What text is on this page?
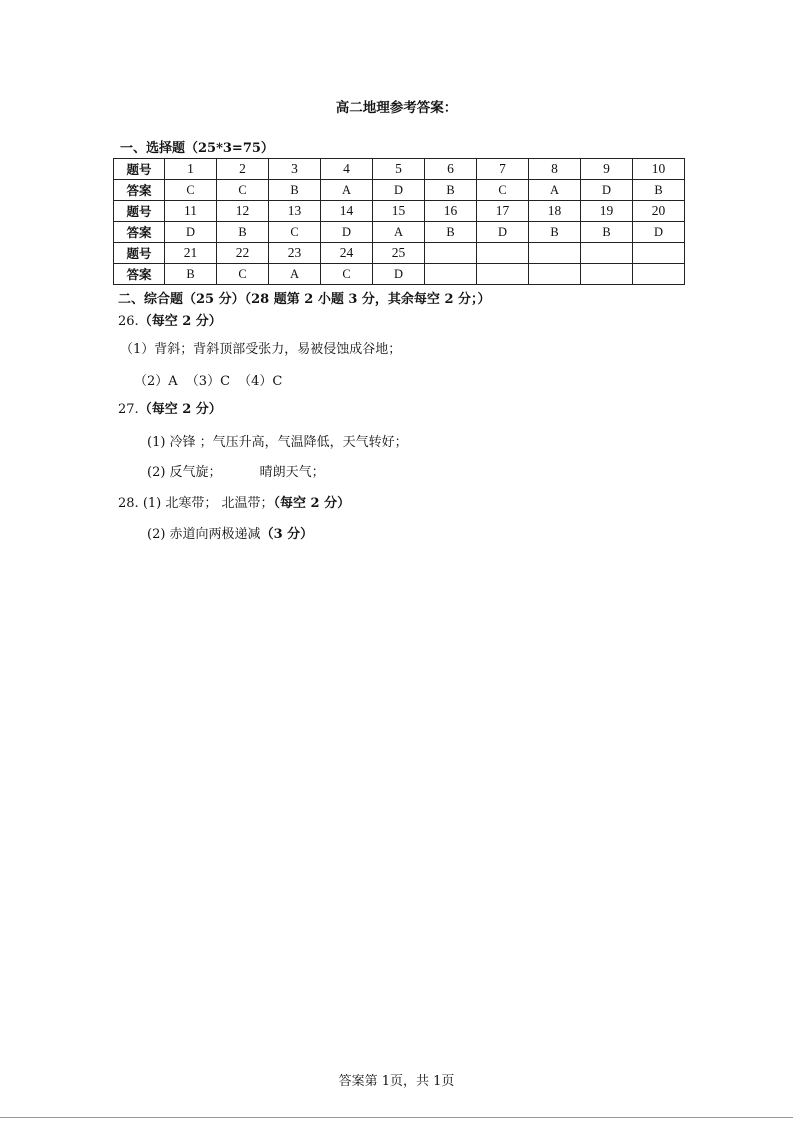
高二地理参考答案：
一、选择题（25*3=75）
题号	1	2	3	4	5	6	7	8	9	10
答案	C	C	B	A	D	B	C	A	D	B
题号	11	12	13	14	15	16	17	18	19	20
答案	D	B	C	D	A	B	D	B	B	D
题号	21	22	23	24	25					
答案	B	C	A	C	D					
二、综合题（25 分）（28 题第 2 小题 3 分，其余每空 2 分；）
26.（每空 2 分）
（1）背斜；背斜顶部受张力，易被侵蚀成谷地；
（2）A （3）C （4）C
27.（每空 2 分）
(1) 冷锋 ；气压升高，气温降低，天气转好；
(2) 反气旋；	晴朗天气；
28. (1) 北寒带； 北温带；（每空 2 分）
(2) 赤道向两极递减（3 分）
答案第 1页，共 1页
